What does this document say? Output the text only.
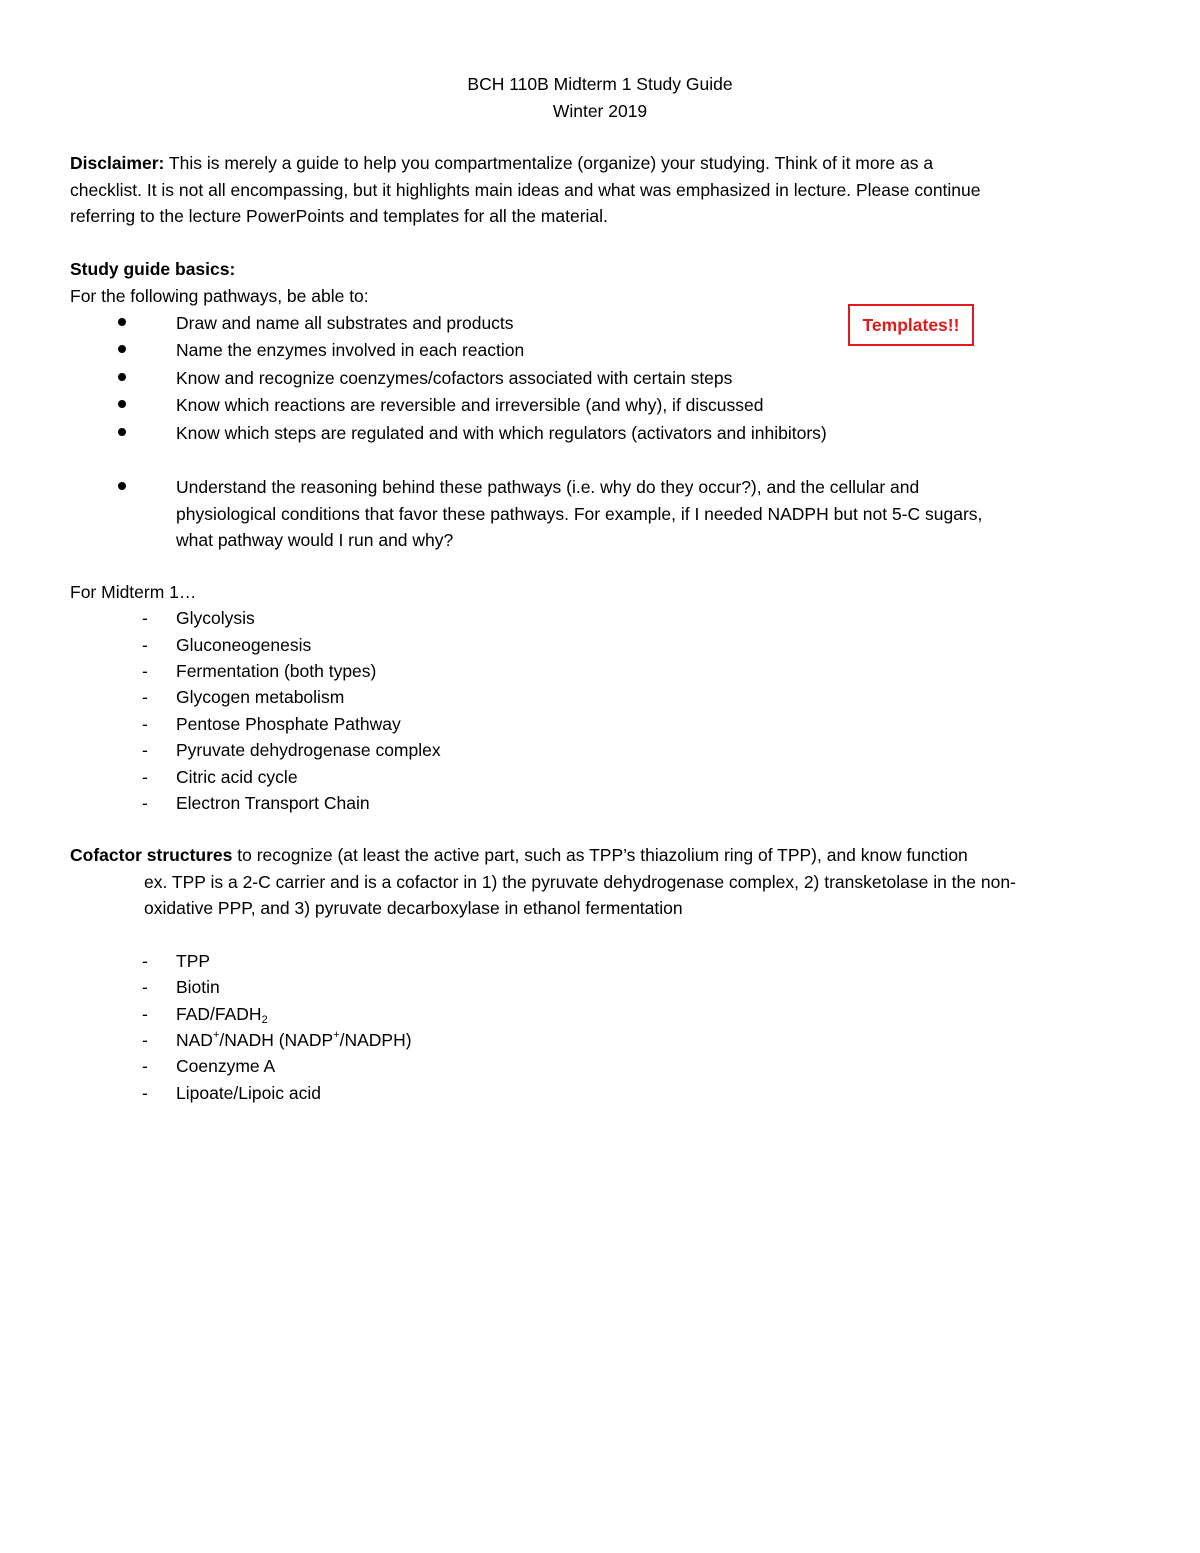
BCH 110B Midterm 1 Study Guide
Winter 2019
Disclaimer: This is merely a guide to help you compartmentalize (organize) your studying. Think of it more as a
checklist. It is not all encompassing, but it highlights main ideas and what was emphasized in lecture. Please continue
referring to the lecture PowerPoints and templates for all the material.
Study guide basics:
For the following pathways, be able to:
Draw and name all substrates and products
Name the enzymes involved in each reaction
Know and recognize coenzymes/cofactors associated with certain steps
Know which reactions are reversible and irreversible (and why), if discussed
Know which steps are regulated and with which regulators (activators and inhibitors)
Understand the reasoning behind these pathways (i.e. why do they occur?), and the cellular and
physiological conditions that favor these pathways. For example, if I needed NADPH but not 5-C sugars,
what pathway would I run and why?
Templates!!
For Midterm 1…
- Glycolysis
- Gluconeogenesis
- Fermentation (both types)
- Glycogen metabolism
- Pentose Phosphate Pathway
- Pyruvate dehydrogenase complex
- Citric acid cycle
- Electron Transport Chain
Cofactor structures to recognize (at least the active part, such as TPP’s thiazolium ring of TPP), and know function
ex. TPP is a 2-C carrier and is a cofactor in 1) the pyruvate dehydrogenase complex, 2) transketolase in the non-
oxidative PPP, and 3) pyruvate decarboxylase in ethanol fermentation
- TPP
- Biotin
- FAD/$FADH_2$
- NAD+/NADH (NADP+/NADPH)
- Coenzyme A
- Lipoate/Lipoic acid
